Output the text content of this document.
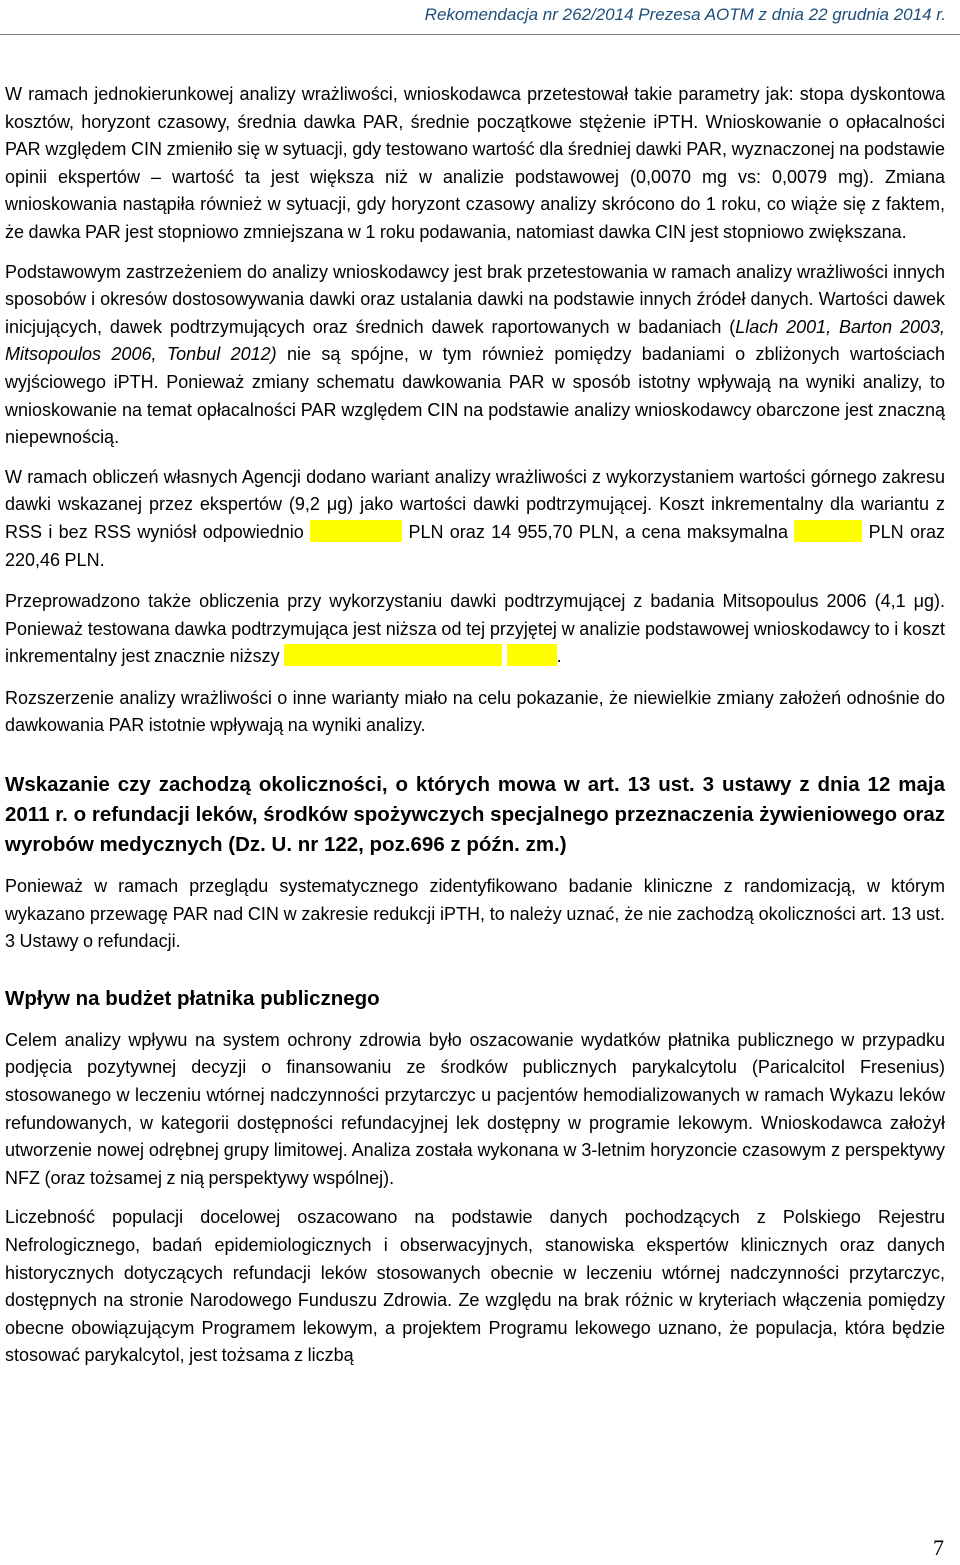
Rekomendacja nr 262/2014 Prezesa AOTM z dnia 22 grudnia 2014 r.

W ramach jednokierunkowej analizy wrażliwości, wnioskodawca przetestował takie parametry jak: stopa dyskontowa kosztów, horyzont czasowy, średnia dawka PAR, średnie początkowe stężenie iPTH. Wnioskowanie o opłacalności PAR względem CIN zmieniło się w sytuacji, gdy testowano wartość dla średniej dawki PAR, wyznaczonej na podstawie opinii ekspertów – wartość ta jest większa niż w analizie podstawowej (0,0070 mg vs: 0,0079 mg). Zmiana wnioskowania nastąpiła również w sytuacji, gdy horyzont czasowy analizy skrócono do 1 roku, co wiąże się z faktem, że dawka PAR jest stopniowo zmniejszana w 1 roku podawania, natomiast dawka CIN jest stopniowo zwiększana.

Podstawowym zastrzeżeniem do analizy wnioskodawcy jest brak przetestowania w ramach analizy wrażliwości innych sposobów i okresów dostosowywania dawki oraz ustalania dawki na podstawie innych źródeł danych. Wartości dawek inicjujących, dawek podtrzymujących oraz średnich dawek raportowanych w badaniach (Llach 2001, Barton 2003, Mitsopoulos 2006, Tonbul 2012) nie są spójne, w tym również pomiędzy badaniami o zbliżonych wartościach wyjściowego iPTH. Ponieważ zmiany schematu dawkowania PAR w sposób istotny wpływają na wyniki analizy, to wnioskowanie na temat opłacalności PAR względem CIN na podstawie analizy wnioskodawcy obarczone jest znaczną niepewnością.

W ramach obliczeń własnych Agencji dodano wariant analizy wrażliwości z wykorzystaniem wartości górnego zakresu dawki wskazanej przez ekspertów (9,2 μg) jako wartości dawki podtrzymującej. Koszt inkrementalny dla wariantu z RSS i bez RSS wyniósł odpowiednio	PLN oraz 14 955,70 PLN, a cena maksymalna	PLN oraz 220,46 PLN.

Przeprowadzono także obliczenia przy wykorzystaniu dawki podtrzymującej z badania Mitsopoulus 2006 (4,1 μg). Ponieważ testowana dawka podtrzymująca jest niższa od tej przyjętej w analizie podstawowej wnioskodawcy to i koszt inkrementalny jest znacznie niższy	.

Rozszerzenie analizy wrażliwości o inne warianty miało na celu pokazanie, że niewielkie zmiany założeń odnośnie do dawkowania PAR istotnie wpływają na wyniki analizy.

Wskazanie czy zachodzą okoliczności, o których mowa w art. 13 ust. 3 ustawy z dnia 12 maja 2011 r. o refundacji leków, środków spożywczych specjalnego przeznaczenia żywieniowego oraz wyrobów medycznych (Dz. U. nr 122, poz.696 z późn. zm.)

Ponieważ w ramach przeglądu systematycznego zidentyfikowano badanie kliniczne z randomizacją, w którym wykazano przewagę PAR nad CIN w zakresie redukcji iPTH, to należy uznać, że nie zachodzą okoliczności art. 13 ust. 3 Ustawy o refundacji.

Wpływ na budżet płatnika publicznego

Celem analizy wpływu na system ochrony zdrowia było oszacowanie wydatków płatnika publicznego w przypadku podjęcia pozytywnej decyzji o finansowaniu ze środków publicznych parykalcytolu (Paricalcitol Fresenius) stosowanego w leczeniu wtórnej nadczynności przytarczyc u pacjentów hemodializowanych w ramach Wykazu leków refundowanych, w kategorii dostępności refundacyjnej lek dostępny w programie lekowym. Wnioskodawca założył utworzenie nowej odrębnej grupy limitowej. Analiza została wykonana w 3-letnim horyzoncie czasowym z perspektywy NFZ (oraz tożsamej z nią perspektywy wspólnej).

Liczebność populacji docelowej oszacowano na podstawie danych pochodzących z Polskiego Rejestru Nefrologicznego, badań epidemiologicznych i obserwacyjnych, stanowiska ekspertów klinicznych oraz danych historycznych dotyczących refundacji leków stosowanych obecnie w leczeniu wtórnej nadczynności przytarczyc, dostępnych na stronie Narodowego Funduszu Zdrowia. Ze względu na brak różnic w kryteriach włączenia pomiędzy obecne obowiązującym Programem lekowym, a projektem Programu lekowego uznano, że populacja, która będzie stosować parykalcytol, jest tożsama z liczbą

7
